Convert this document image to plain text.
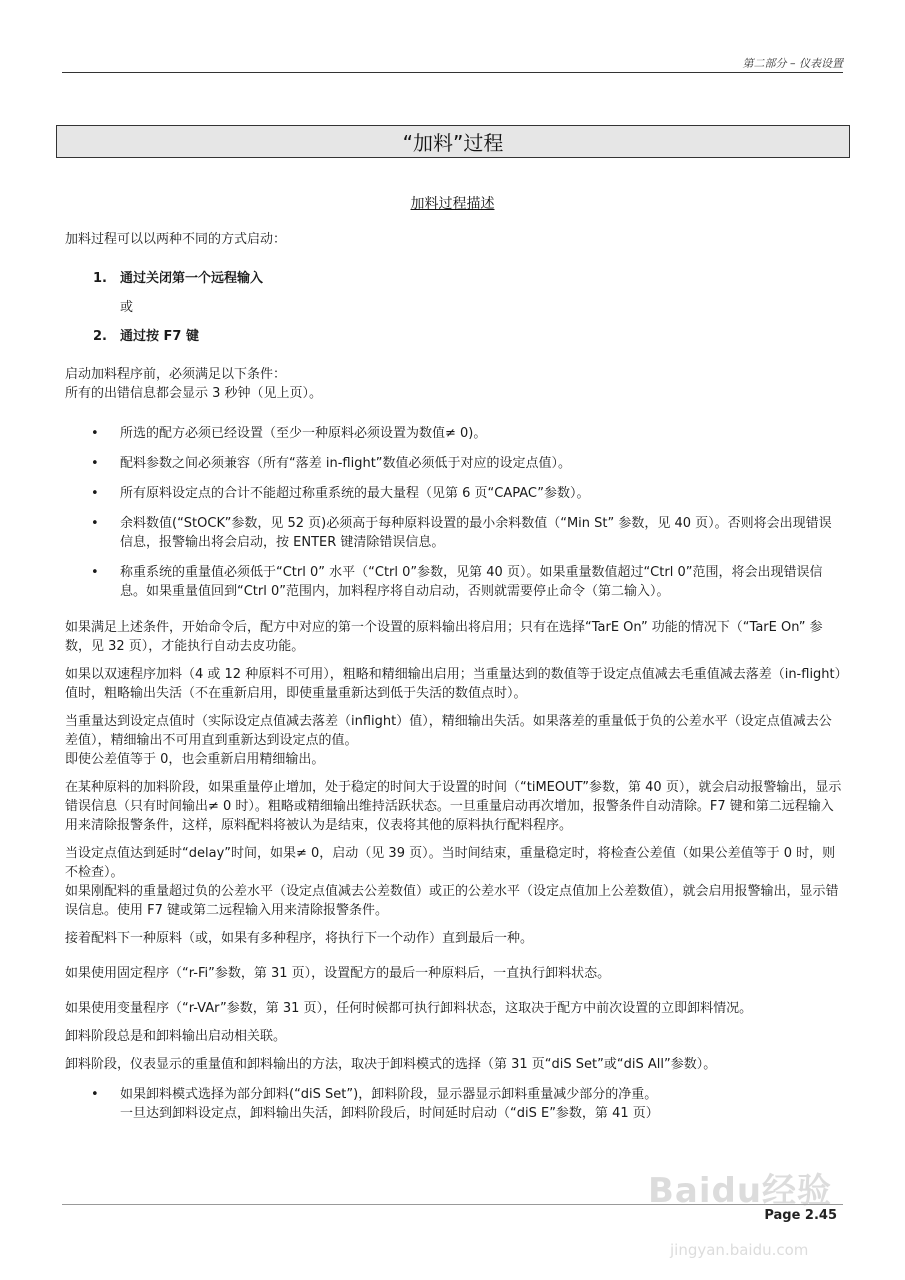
第二部分 – 仪表设置
“加料”过程
加料过程描述

加料过程可以以两种不同的方式启动：

1.	通过关闭第一个远程输入
或
2.	通过按 F7 键

启动加料程序前，必须满足以下条件：

所有的出错信息都会显示 3 秒钟（见上页）。

• 所选的配方必须已经设置（至少一种原料必须设置为数值≠ 0)。
• 配料参数之间必须兼容（所有“落差 in-flight”数值必须低于对应的设定点值）。
• 所有原料设定点的合计不能超过称重系统的最大量程（见第 6 页“CAPAC”参数）。
• 余料数值(“StOCK”参数，见 52 页)必须高于每种原料设置的最小余料数值（“Min St” 参数，见 40 页）。否则将会出现错误信息，报警输出将会启动，按 ENTER 键清除错误信息。
• 称重系统的重量值必须低于“Ctrl 0” 水平（“Ctrl 0”参数，见第 40 页）。如果重量数值超过“Ctrl 0”范围，将会出现错误信息。如果重量值回到“Ctrl 0”范围内，加料程序将自动启动，否则就需要停止命令（第二输入）。

如果满足上述条件，开始命令后，配方中对应的第一个设置的原料输出将启用；只有在选择“TarE On” 功能的情况下（“TarE On” 参数，见 32 页），才能执行自动去皮功能。

如果以双速程序加料（4 或 12 种原料不可用），粗略和精细输出启用；当重量达到的数值等于设定点值减去毛重值减去落差（in-flight）值时，粗略输出失活（不在重新启用，即使重量重新达到低于失活的数值点时）。

当重量达到设定点值时（实际设定点值减去落差（inflight）值），精细输出失活。如果落差的重量低于负的公差水平（设定点值减去公差值），精细输出不可用直到重新达到设定点的值。
即使公差值等于 0，也会重新启用精细输出。

在某种原料的加料阶段，如果重量停止增加，处于稳定的时间大于设置的时间（“tiMEOUT”参数，第 40 页），就会启动报警输出，显示错误信息（只有时间输出≠ 0 时）。粗略或精细输出维持活跃状态。一旦重量启动再次增加，报警条件自动清除。F7 键和第二远程输入用来清除报警条件，这样，原料配料将被认为是结束，仪表将其他的原料执行配料程序。

当设定点值达到延时“delay”时间，如果≠ 0，启动（见 39 页）。当时间结束，重量稳定时，将检查公差值（如果公差值等于 0 时，则不检查）。
如果刚配料的重量超过负的公差水平（设定点值减去公差数值）或正的公差水平（设定点值加上公差数值），就会启用报警输出，显示错误信息。使用 F7 键或第二远程输入用来清除报警条件。

接着配料下一种原料（或，如果有多种程序，将执行下一个动作）直到最后一种。

如果使用固定程序（“r-Fi”参数，第 31 页），设置配方的最后一种原料后，一直执行卸料状态。

如果使用变量程序（“r-VAr”参数，第 31 页），任何时候都可执行卸料状态，这取决于配方中前次设置的立即卸料情况。

卸料阶段总是和卸料输出启动相关联。

卸料阶段，仪表显示的重量值和卸料输出的方法，取决于卸料模式的选择（第 31 页“diS Set”或“diS All”参数）。

• 如果卸料模式选择为部分卸料(“diS Set”)，卸料阶段，显示器显示卸料重量减少部分的净重。
一旦达到卸料设定点，卸料输出失活，卸料阶段后，时间延时启动（“diS E”参数，第 41 页）
Baidu经验
jingyan.baidu.com
Page 2.45
